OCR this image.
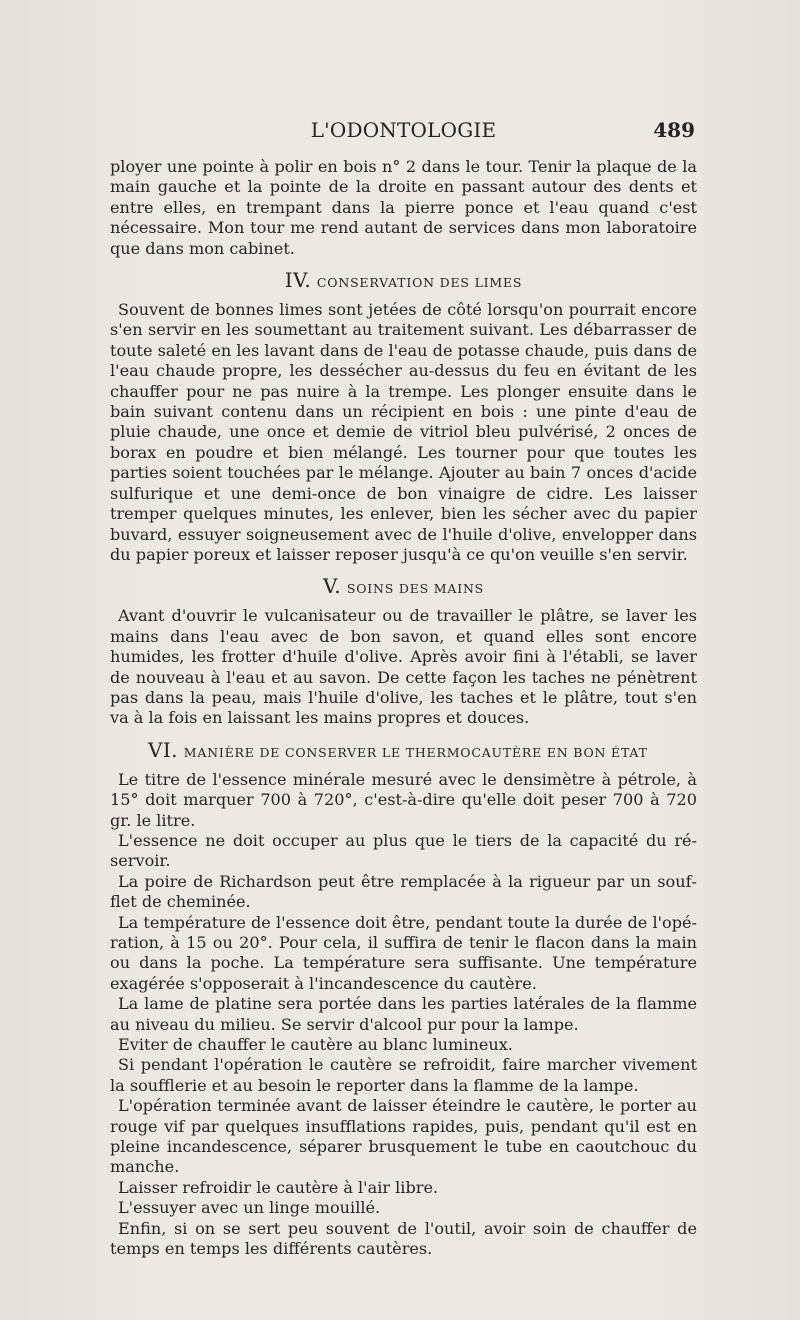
L'ODONTOLOGIE	489

ployer une pointe à polir en bois n° 2 dans le tour. Tenir la plaque de la main gauche et la pointe de la droite en passant autour des dents et entre elles, en trempant dans la pierre ponce et l'eau quand c'est nécessaire. Mon tour me rend autant de services dans mon laboratoire que dans mon cabinet.

IV. CONSERVATION DES LIMES

Souvent de bonnes limes sont jetées de côté lorsqu'on pourrait encore s'en servir en les soumettant au traitement suivant. Les débarrasser de toute saleté en les lavant dans de l'eau de potasse chaude, puis dans de l'eau chaude propre, les dessécher au-dessus du feu en évitant de les chauffer pour ne pas nuire à la trempe. Les plonger ensuite dans le bain suivant contenu dans un récipient en bois : une pinte d'eau de pluie chaude, une once et demie de vitriol bleu pulvérisé, 2 onces de borax en poudre et bien mélangé. Les tourner pour que toutes les parties soient touchées par le mélange. Ajouter au bain 7 onces d'acide sulfurique et une demi-once de bon vinaigre de cidre. Les laisser tremper quelques minutes, les enlever, bien les sécher avec du papier buvard, essuyer soigneusement avec de l'huile d'olive, envelopper dans du papier poreux et laisser reposer jusqu'à ce qu'on veuille s'en servir.

V. SOINS DES MAINS

Avant d'ouvrir le vulcanisateur ou de travailler le plâtre, se laver les mains dans l'eau avec de bon savon, et quand elles sont encore humides, les frotter d'huile d'olive. Après avoir fini à l'établi, se laver de nouveau à l'eau et au savon. De cette façon les taches ne pénètrent pas dans la peau, mais l'huile d'olive, les taches et le plâtre, tout s'en va à la fois en laissant les mains propres et douces.

VI. MANIÈRE DE CONSERVER LE THERMOCAUTÈRE EN BON ÉTAT

Le titre de l'essence minérale mesuré avec le densimètre à pétrole, à 15° doit marquer 700 à 720°, c'est-à-dire qu'elle doit peser 700 à 720 gr. le litre.

L'essence ne doit occuper au plus que le tiers de la capacité du réservoir.

La poire de Richardson peut être remplacée à la rigueur par un soufflet de cheminée.

La température de l'essence doit être, pendant toute la durée de l'opération, à 15 ou 20°. Pour cela, il suffira de tenir le flacon dans la main ou dans la poche. La température sera suffisante. Une température exagérée s'opposerait à l'incandescence du cautère.

La lame de platine sera portée dans les parties latérales de la flamme au niveau du milieu. Se servir d'alcool pur pour la lampe.

Eviter de chauffer le cautère au blanc lumineux.

Si pendant l'opération le cautère se refroidit, faire marcher vivement la soufflerie et au besoin le reporter dans la flamme de la lampe.

L'opération terminée avant de laisser éteindre le cautère, le porter au rouge vif par quelques insufflations rapides, puis, pendant qu'il est en pleine incandescence, séparer brusquement le tube en caoutchouc du manche.

Laisser refroidir le cautère à l'air libre.

L'essuyer avec un linge mouillé.

Enfin, si on se sert peu souvent de l'outil, avoir soin de chauffer de temps en temps les différents cautères.
